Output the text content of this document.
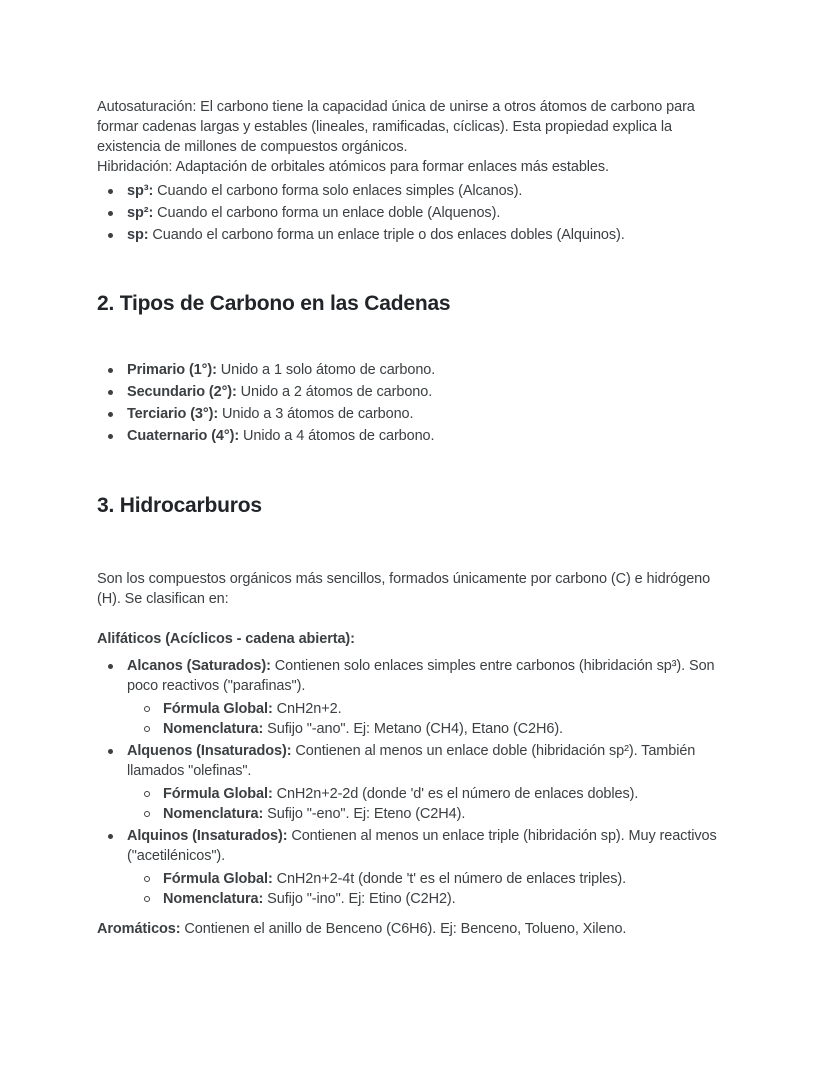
Autosaturación: El carbono tiene la capacidad única de unirse a otros átomos de carbono para formar cadenas largas y estables (lineales, ramificadas, cíclicas). Esta propiedad explica la existencia de millones de compuestos orgánicos.

Hibridación: Adaptación de orbitales atómicos para formar enlaces más estables.

sp³: Cuando el carbono forma solo enlaces simples (Alcanos).
sp²: Cuando el carbono forma un enlace doble (Alquenos).
sp: Cuando el carbono forma un enlace triple o dos enlaces dobles (Alquinos).
2. Tipos de Carbono en las Cadenas
Primario (1°): Unido a 1 solo átomo de carbono.
Secundario (2°): Unido a 2 átomos de carbono.
Terciario (3°): Unido a 3 átomos de carbono.
Cuaternario (4°): Unido a 4 átomos de carbono.
3. Hidrocarburos

Son los compuestos orgánicos más sencillos, formados únicamente por carbono (C) e hidrógeno (H). Se clasifican en:

Alifáticos (Acíclicos - cadena abierta):

Alcanos (Saturados): Contienen solo enlaces simples entre carbonos (hibridación sp³). Son poco reactivos ("parafinas").
Fórmula Global: CnH2n+2.
Nomenclatura: Sufijo "-ano". Ej: Metano (CH4), Etano (C2H6).
Alquenos (Insaturados): Contienen al menos un enlace doble (hibridación sp²). También llamados "olefinas".
Fórmula Global: CnH2n+2-2d (donde 'd' es el número de enlaces dobles).
Nomenclatura: Sufijo "-eno". Ej: Eteno (C2H4).
Alquinos (Insaturados): Contienen al menos un enlace triple (hibridación sp). Muy reactivos ("acetilénicos").
Fórmula Global: CnH2n+2-4t (donde 't' es el número de enlaces triples).
Nomenclatura: Sufijo "-ino". Ej: Etino (C2H2).

Aromáticos: Contienen el anillo de Benceno (C6H6). Ej: Benceno, Tolueno, Xileno.
